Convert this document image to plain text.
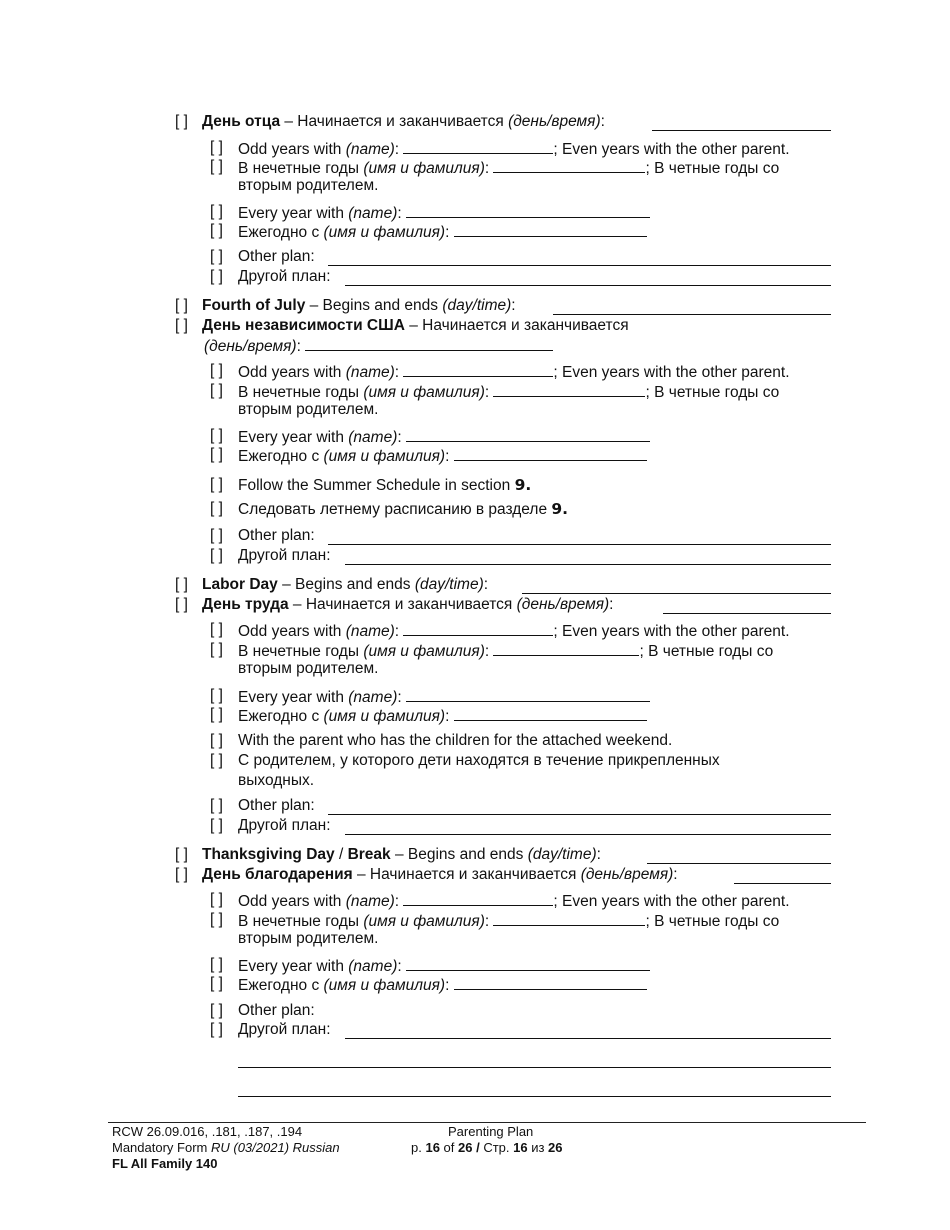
[ ] День отца – Начинается и заканчивается (день/время):
[ ] Odd years with (name):	; Even years with the other parent.
[ ] В нечетные годы (имя и фамилия):	; В четные годы со
вторым родителем.
[ ] Every year with (name):
[ ] Ежегодно с (имя и фамилия):
[ ] Other plan:
[ ] Другой план:
[ ] Fourth of July – Begins and ends (day/time):
[ ] День независимости США – Начинается и заканчивается
(день/время):
[ ] Odd years with (name):	; Even years with the other parent.
[ ] В нечетные годы (имя и фамилия):	; В четные годы со
вторым родителем.
[ ] Every year with (name):
[ ] Ежегодно с (имя и фамилия):
[ ] Follow the Summer Schedule in section 9.
[ ] Следовать летнему расписанию в разделе 9.
[ ] Other plan:
[ ] Другой план:
[ ] Labor Day – Begins and ends (day/time):
[ ] День труда – Начинается и заканчивается (день/время):
[ ] Odd years with (name):	; Even years with the other parent.
[ ] В нечетные годы (имя и фамилия):	; В четные годы со
вторым родителем.
[ ] Every year with (name):
[ ] Ежегодно с (имя и фамилия):
[ ] With the parent who has the children for the attached weekend.
[ ] С родителем, у которого дети находятся в течение прикрепленных
выходных.
[ ] Other plan:
[ ] Другой план:
[ ] Thanksgiving Day / Break – Begins and ends (day/time):
[ ] День благодарения – Начинается и заканчивается (день/время):
[ ] Odd years with (name):	; Even years with the other parent.
[ ] В нечетные годы (имя и фамилия):	; В четные годы со
вторым родителем.
[ ] Every year with (name):
[ ] Ежегодно с (имя и фамилия):
[ ] Other plan:
[ ] Другой план:
RCW 26.09.016, .181, .187, .194
Mandatory Form RU (03/2021) Russian
FL All Family 140
Parenting Plan
p. 16 of 26 / Стр. 16 из 26
